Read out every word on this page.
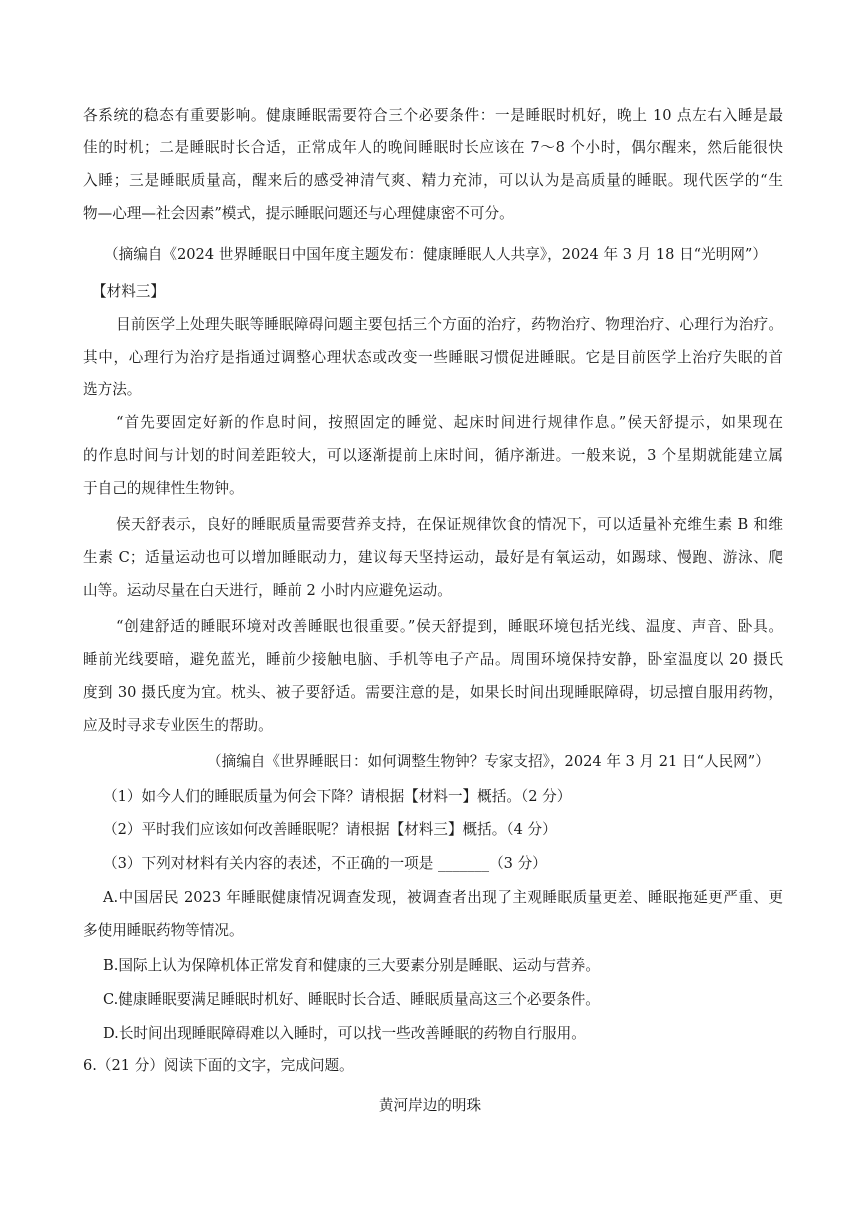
各系统的稳态有重要影响。健康睡眠需要符合三个必要条件：一是睡眠时机好，晚上 10 点左右入睡是最
佳的时机；二是睡眠时长合适，正常成年人的晚间睡眠时长应该在 7～8 个小时，偶尔醒来，然后能很快
入睡；三是睡眠质量高，醒来后的感受神清气爽、精力充沛，可以认为是高质量的睡眠。现代医学的“生
物—心理—社会因素”模式，提示睡眠问题还与心理健康密不可分。
（摘编自《2024 世界睡眠日中国年度主题发布：健康睡眠人人共享》，2024 年 3 月 18 日“光明网”）
【材料三】
目前医学上处理失眠等睡眠障碍问题主要包括三个方面的治疗，药物治疗、物理治疗、心理行为治疗。
其中，心理行为治疗是指通过调整心理状态或改变一些睡眠习惯促进睡眠。它是目前医学上治疗失眠的首
选方法。
“首先要固定好新的作息时间，按照固定的睡觉、起床时间进行规律作息。”侯天舒提示，如果现在
的作息时间与计划的时间差距较大，可以逐渐提前上床时间，循序渐进。一般来说，3 个星期就能建立属
于自己的规律性生物钟。
侯天舒表示，良好的睡眠质量需要营养支持，在保证规律饮食的情况下，可以适量补充维生素 B 和维
生素 C；适量运动也可以增加睡眠动力，建议每天坚持运动，最好是有氧运动，如踢球、慢跑、游泳、爬
山等。运动尽量在白天进行，睡前 2 小时内应避免运动。
“创建舒适的睡眠环境对改善睡眠也很重要。”侯天舒提到，睡眠环境包括光线、温度、声音、卧具。
睡前光线要暗，避免蓝光，睡前少接触电脑、手机等电子产品。周围环境保持安静，卧室温度以 20 摄氏
度到 30 摄氏度为宜。枕头、被子要舒适。需要注意的是，如果长时间出现睡眠障碍，切忌擅自服用药物，
应及时寻求专业医生的帮助。
（摘编自《世界睡眠日：如何调整生物钟？专家支招》，2024 年 3 月 21 日“人民网”）
（1）如今人们的睡眠质量为何会下降？请根据【材料一】概括。（2 分）
（2）平时我们应该如何改善睡眠呢？请根据【材料三】概括。（4 分）
（3）下列对材料有关内容的表述，不正确的一项是 _______（3 分）
A.中国居民 2023 年睡眠健康情况调查发现，被调查者出现了主观睡眠质量更差、睡眠拖延更严重、更
多使用睡眠药物等情况。
B.国际上认为保障机体正常发育和健康的三大要素分别是睡眠、运动与营养。
C.健康睡眠要满足睡眠时机好、睡眠时长合适、睡眠质量高这三个必要条件。
D.长时间出现睡眠障碍难以入睡时，可以找一些改善睡眠的药物自行服用。
6.（21 分）阅读下面的文字，完成问题。
黄河岸边的明珠
